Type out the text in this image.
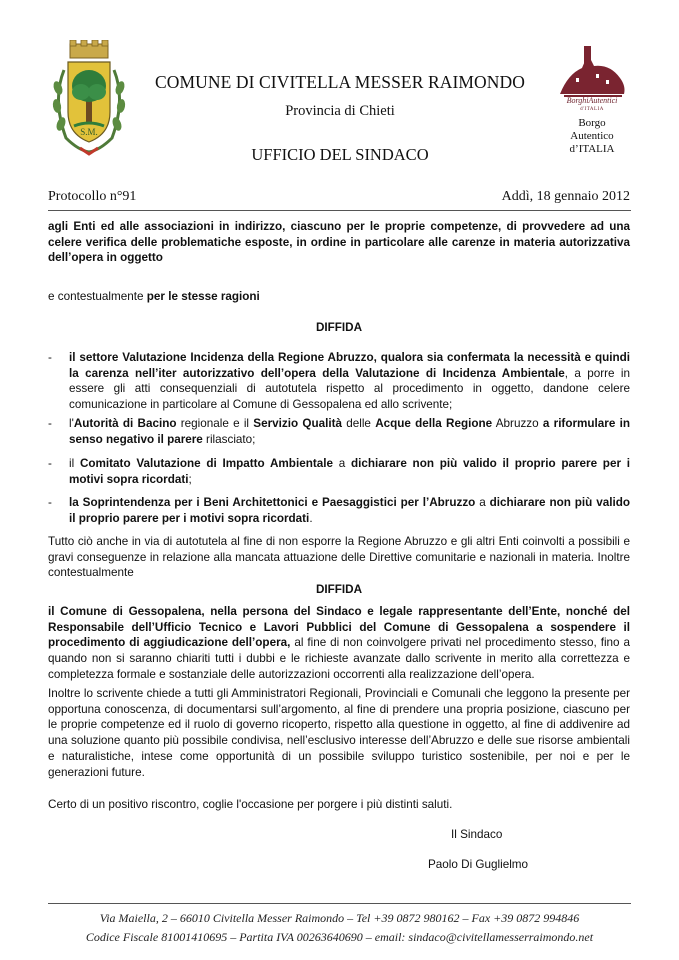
S.M.
BorghiAutentici
d'ITALIA
Borgo
Autentico
d’ITALIA
COMUNE DI CIVITELLA MESSER RAIMONDO
Provincia di Chieti
UFFICIO DEL SINDACO
Protocollo n°91	Addì, 18 gennaio 2012
agli Enti ed alle associazioni in indirizzo, ciascuno per le proprie competenze, di provvedere ad una celere verifica delle problematiche esposte, in ordine in particolare alle carenze in materia autorizzativa dell’opera in oggetto
e contestualmente per le stesse ragioni
DIFFIDA
-	il settore Valutazione Incidenza della Regione Abruzzo, qualora sia confermata la necessità e quindi la carenza nell’iter autorizzativo dell’opera della Valutazione di Incidenza Ambientale, a porre in essere gli atti consequenziali di autotutela rispetto al procedimento in oggetto, dandone celere comunicazione in particolare al Comune di Gessopalena ed allo scrivente;
-	l'Autorità di Bacino regionale e il Servizio Qualità delle Acque della Regione Abruzzo a riformulare in senso negativo il parere rilasciato;
-	il Comitato Valutazione di Impatto Ambientale a dichiarare non più valido il proprio parere per i motivi sopra ricordati;
-	la Soprintendenza per i Beni Architettonici e Paesaggistici per l’Abruzzo a dichiarare non più valido il proprio parere per i motivi sopra ricordati.
Tutto ciò anche in via di autotutela al fine di non esporre la Regione Abruzzo e gli altri Enti coinvolti a possibili e gravi conseguenze in relazione alla mancata attuazione delle Direttive comunitarie e nazionali in materia. Inoltre contestualmente
DIFFIDA
il Comune di Gessopalena, nella persona del Sindaco e legale rappresentante dell’Ente, nonché del Responsabile dell’Ufficio Tecnico e Lavori Pubblici del Comune di Gessopalena a sospendere il procedimento di aggiudicazione dell’opera, al fine di non coinvolgere privati nel procedimento stesso, fino a quando non si saranno chiariti tutti i dubbi e le richieste avanzate dallo scrivente in merito alla correttezza e completezza formale e sostanziale delle autorizzazioni occorrenti alla realizzazione dell’opera.
Inoltre lo scrivente chiede a tutti gli Amministratori Regionali, Provinciali e Comunali che leggono la presente per opportuna conoscenza, di documentarsi sull’argomento, al fine di prendere una propria posizione, ciascuno per le proprie competenze ed il ruolo di governo ricoperto, rispetto alla questione in oggetto, al fine di addivenire ad una soluzione quanto più possibile condivisa, nell’esclusivo interesse dell’Abruzzo e delle sue risorse ambientali e naturalistiche, intese come opportunità di un possibile sviluppo turistico sostenibile, per noi e per le generazioni future.
Certo di un positivo riscontro, coglie l'occasione per porgere i più distinti saluti.
Il Sindaco
Paolo Di Guglielmo
Via Maiella, 2 – 66010 Civitella Messer Raimondo – Tel +39 0872 980162 – Fax +39 0872 994846
Codice Fiscale 81001410695 – Partita IVA 00263640690 – email: sindaco@civitellamesserraimondo.net
